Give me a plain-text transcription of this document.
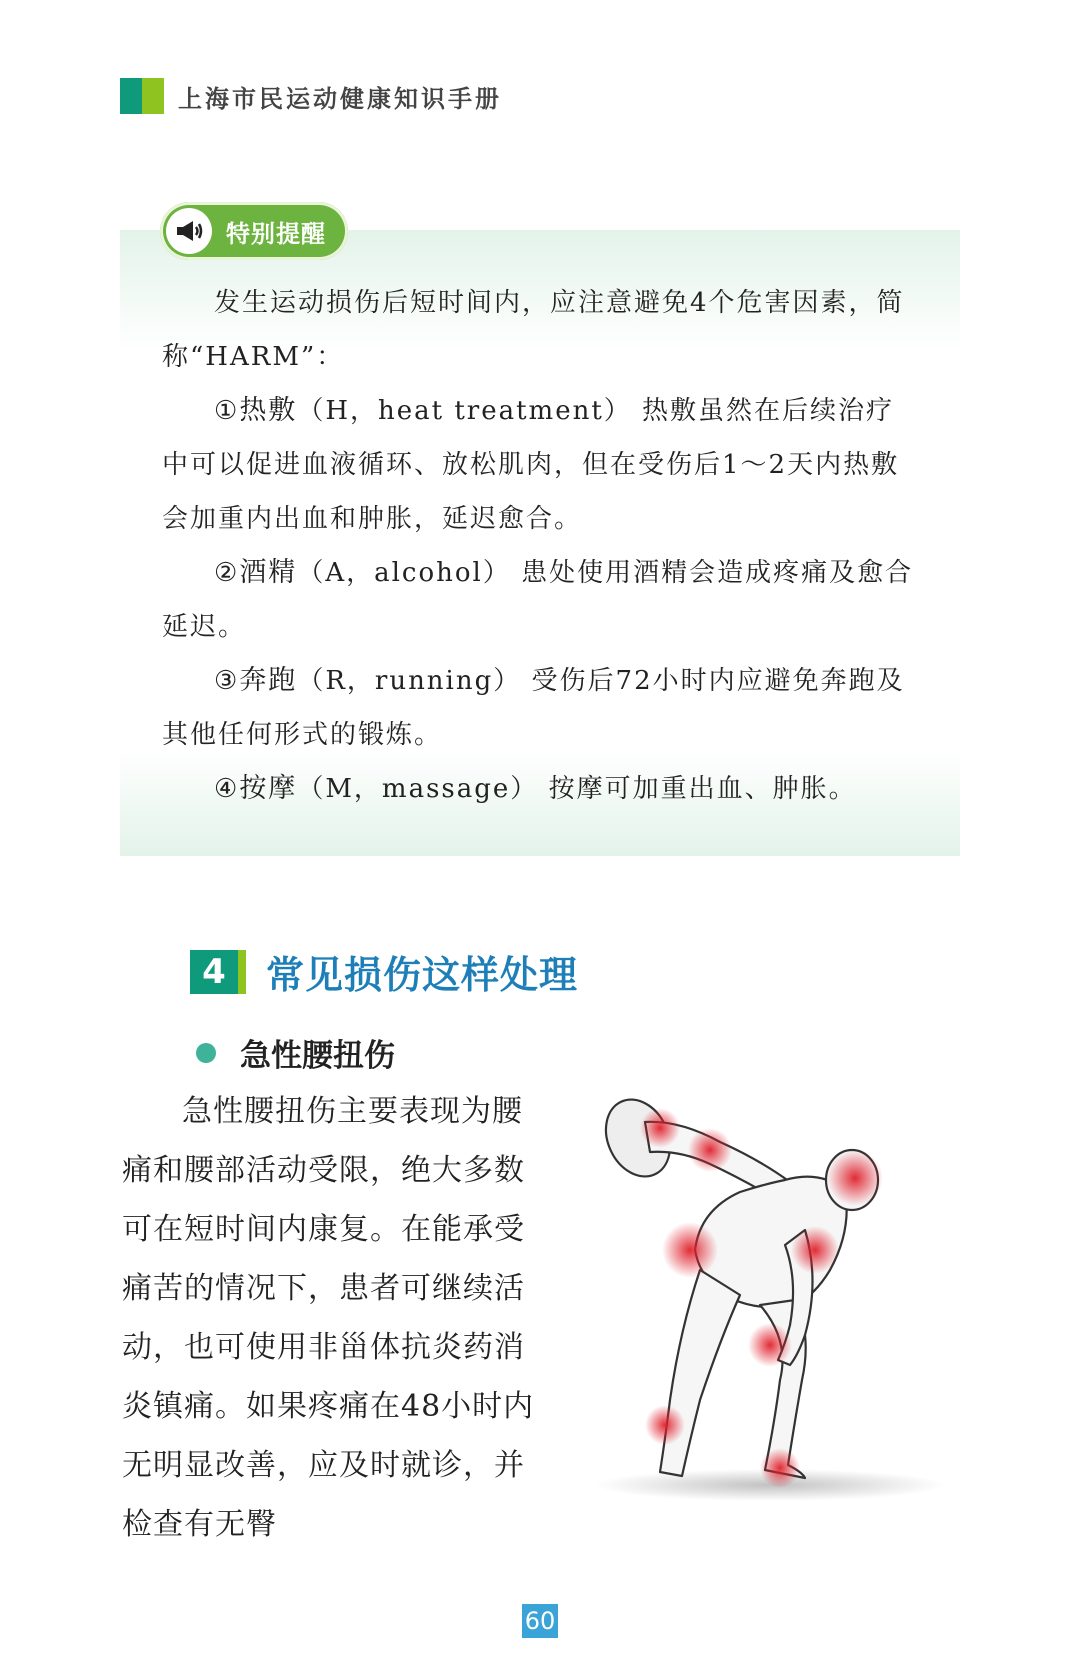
上海市民运动健康知识手册
特别提醒

发生运动损伤后短时间内，应注意避免4个危害因素，简称“HARM”：

①热敷（H，heat treatment） 热敷虽然在后续治疗中可以促进血液循环、放松肌肉，但在受伤后1～2天内热敷会加重内出血和肿胀，延迟愈合。

②酒精（A，alcohol） 患处使用酒精会造成疼痛及愈合延迟。

③奔跑（R，running） 受伤后72小时内应避免奔跑及其他任何形式的锻炼。

④按摩（M，massage） 按摩可加重出血、肿胀。

4	常见损伤这样处理
急性腰扭伤

急性腰扭伤主要表现为腰痛和腰部活动受限，绝大多数可在短时间内康复。在能承受痛苦的情况下，患者可继续活动，也可使用非甾体抗炎药消炎镇痛。如果疼痛在48小时内无明显改善，应及时就诊，并检查有无臀

60
